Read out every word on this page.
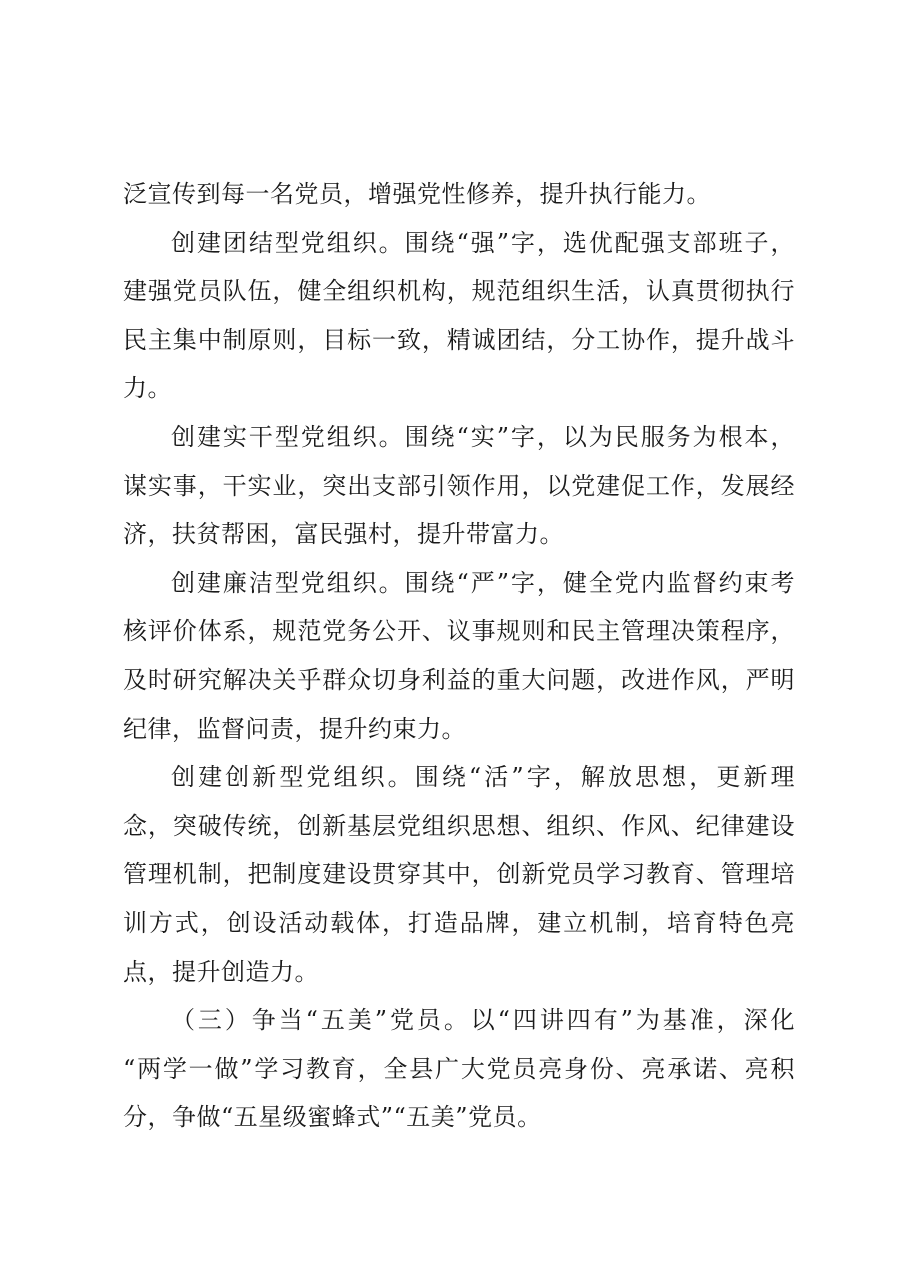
泛宣传到每一名党员，增强党性修养，提升执行能力。
创建团结型党组织。围绕“强”字，选优配强支部班子，
建强党员队伍，健全组织机构，规范组织生活，认真贯彻执行
民主集中制原则，目标一致，精诚团结，分工协作，提升战斗
力。
创建实干型党组织。围绕“实”字，以为民服务为根本，
谋实事，干实业，突出支部引领作用，以党建促工作，发展经
济，扶贫帮困，富民强村，提升带富力。
创建廉洁型党组织。围绕“严”字，健全党内监督约束考
核评价体系，规范党务公开、议事规则和民主管理决策程序，
及时研究解决关乎群众切身利益的重大问题，改进作风，严明
纪律，监督问责，提升约束力。
创建创新型党组织。围绕“活”字，解放思想，更新理
念，突破传统，创新基层党组织思想、组织、作风、纪律建设
管理机制，把制度建设贯穿其中，创新党员学习教育、管理培
训方式，创设活动载体，打造品牌，建立机制，培育特色亮
点，提升创造力。
（三）争当“五美”党员。以“四讲四有”为基准，深化
“两学一做”学习教育，全县广大党员亮身份、亮承诺、亮积
分，争做“五星级蜜蜂式”“五美”党员。
